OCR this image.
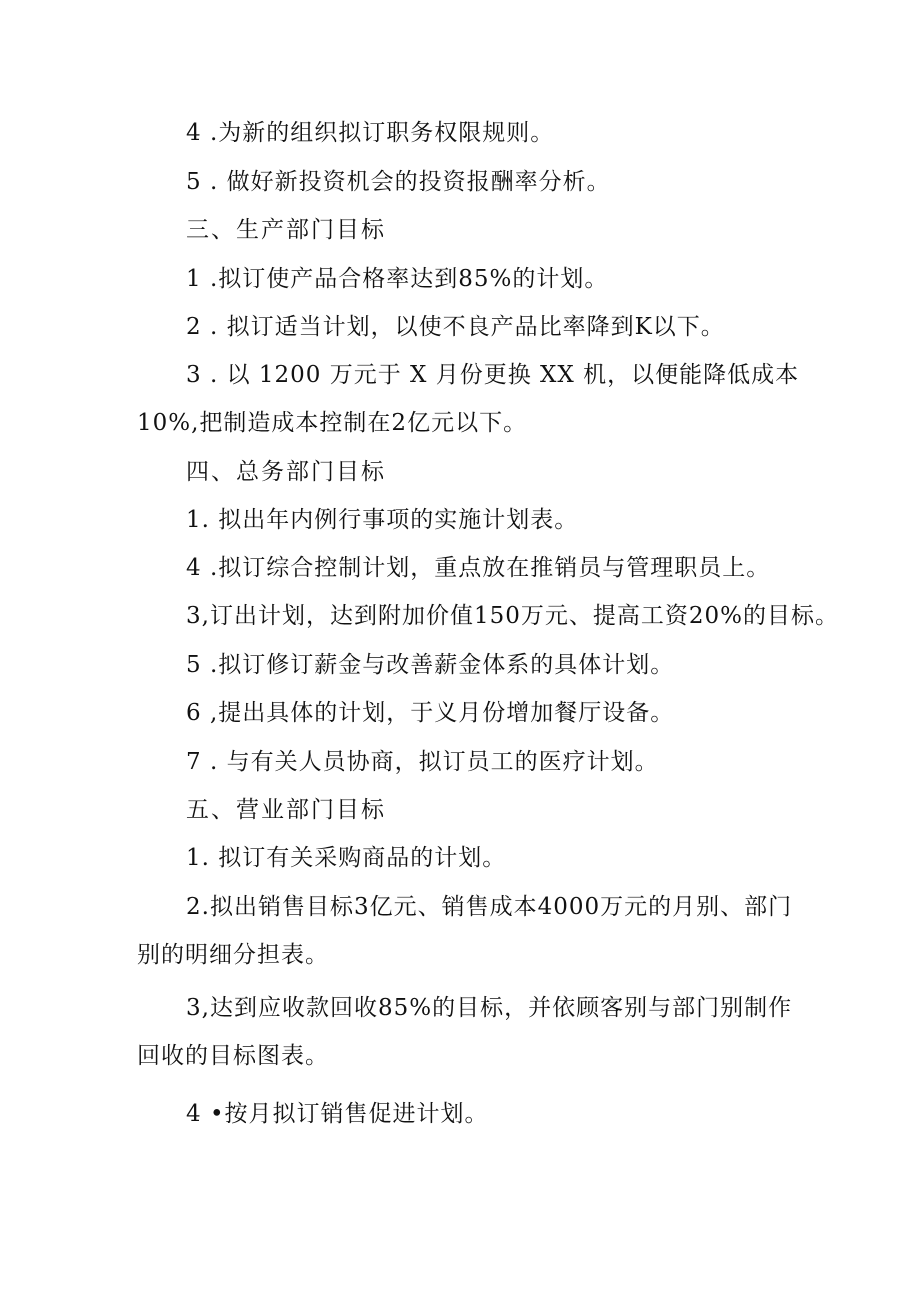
4 .为新的组织拟订职务权限规则。
5 . 做好新投资机会的投资报酬率分析。
三、生产部门目标
1 .拟订使产品合格率达到85%的计划。
2 . 拟订适当计划，以使不良产品比率降到K以下。
3 . 以 1200 万元于 X 月份更换 XX 机，以便能降低成本
10%,把制造成本控制在2亿元以下。
四、总务部门目标
1. 拟出年内例行事项的实施计划表。
4 .拟订综合控制计划，重点放在推销员与管理职员上。
3,订出计划，达到附加价值150万元、提高工资20%的目标。
5 .拟订修订薪金与改善薪金体系的具体计划。
6 ,提出具体的计划，于义月份增加餐厅设备。
7 . 与有关人员协商，拟订员工的医疗计划。
五、营业部门目标
1. 拟订有关采购商品的计划。
2.拟出销售目标3亿元、销售成本4000万元的月别、部门
别的明细分担表。
3,达到应收款回收85%的目标，并依顾客别与部门别制作
回收的目标图表。
4 •按月拟订销售促进计划。
